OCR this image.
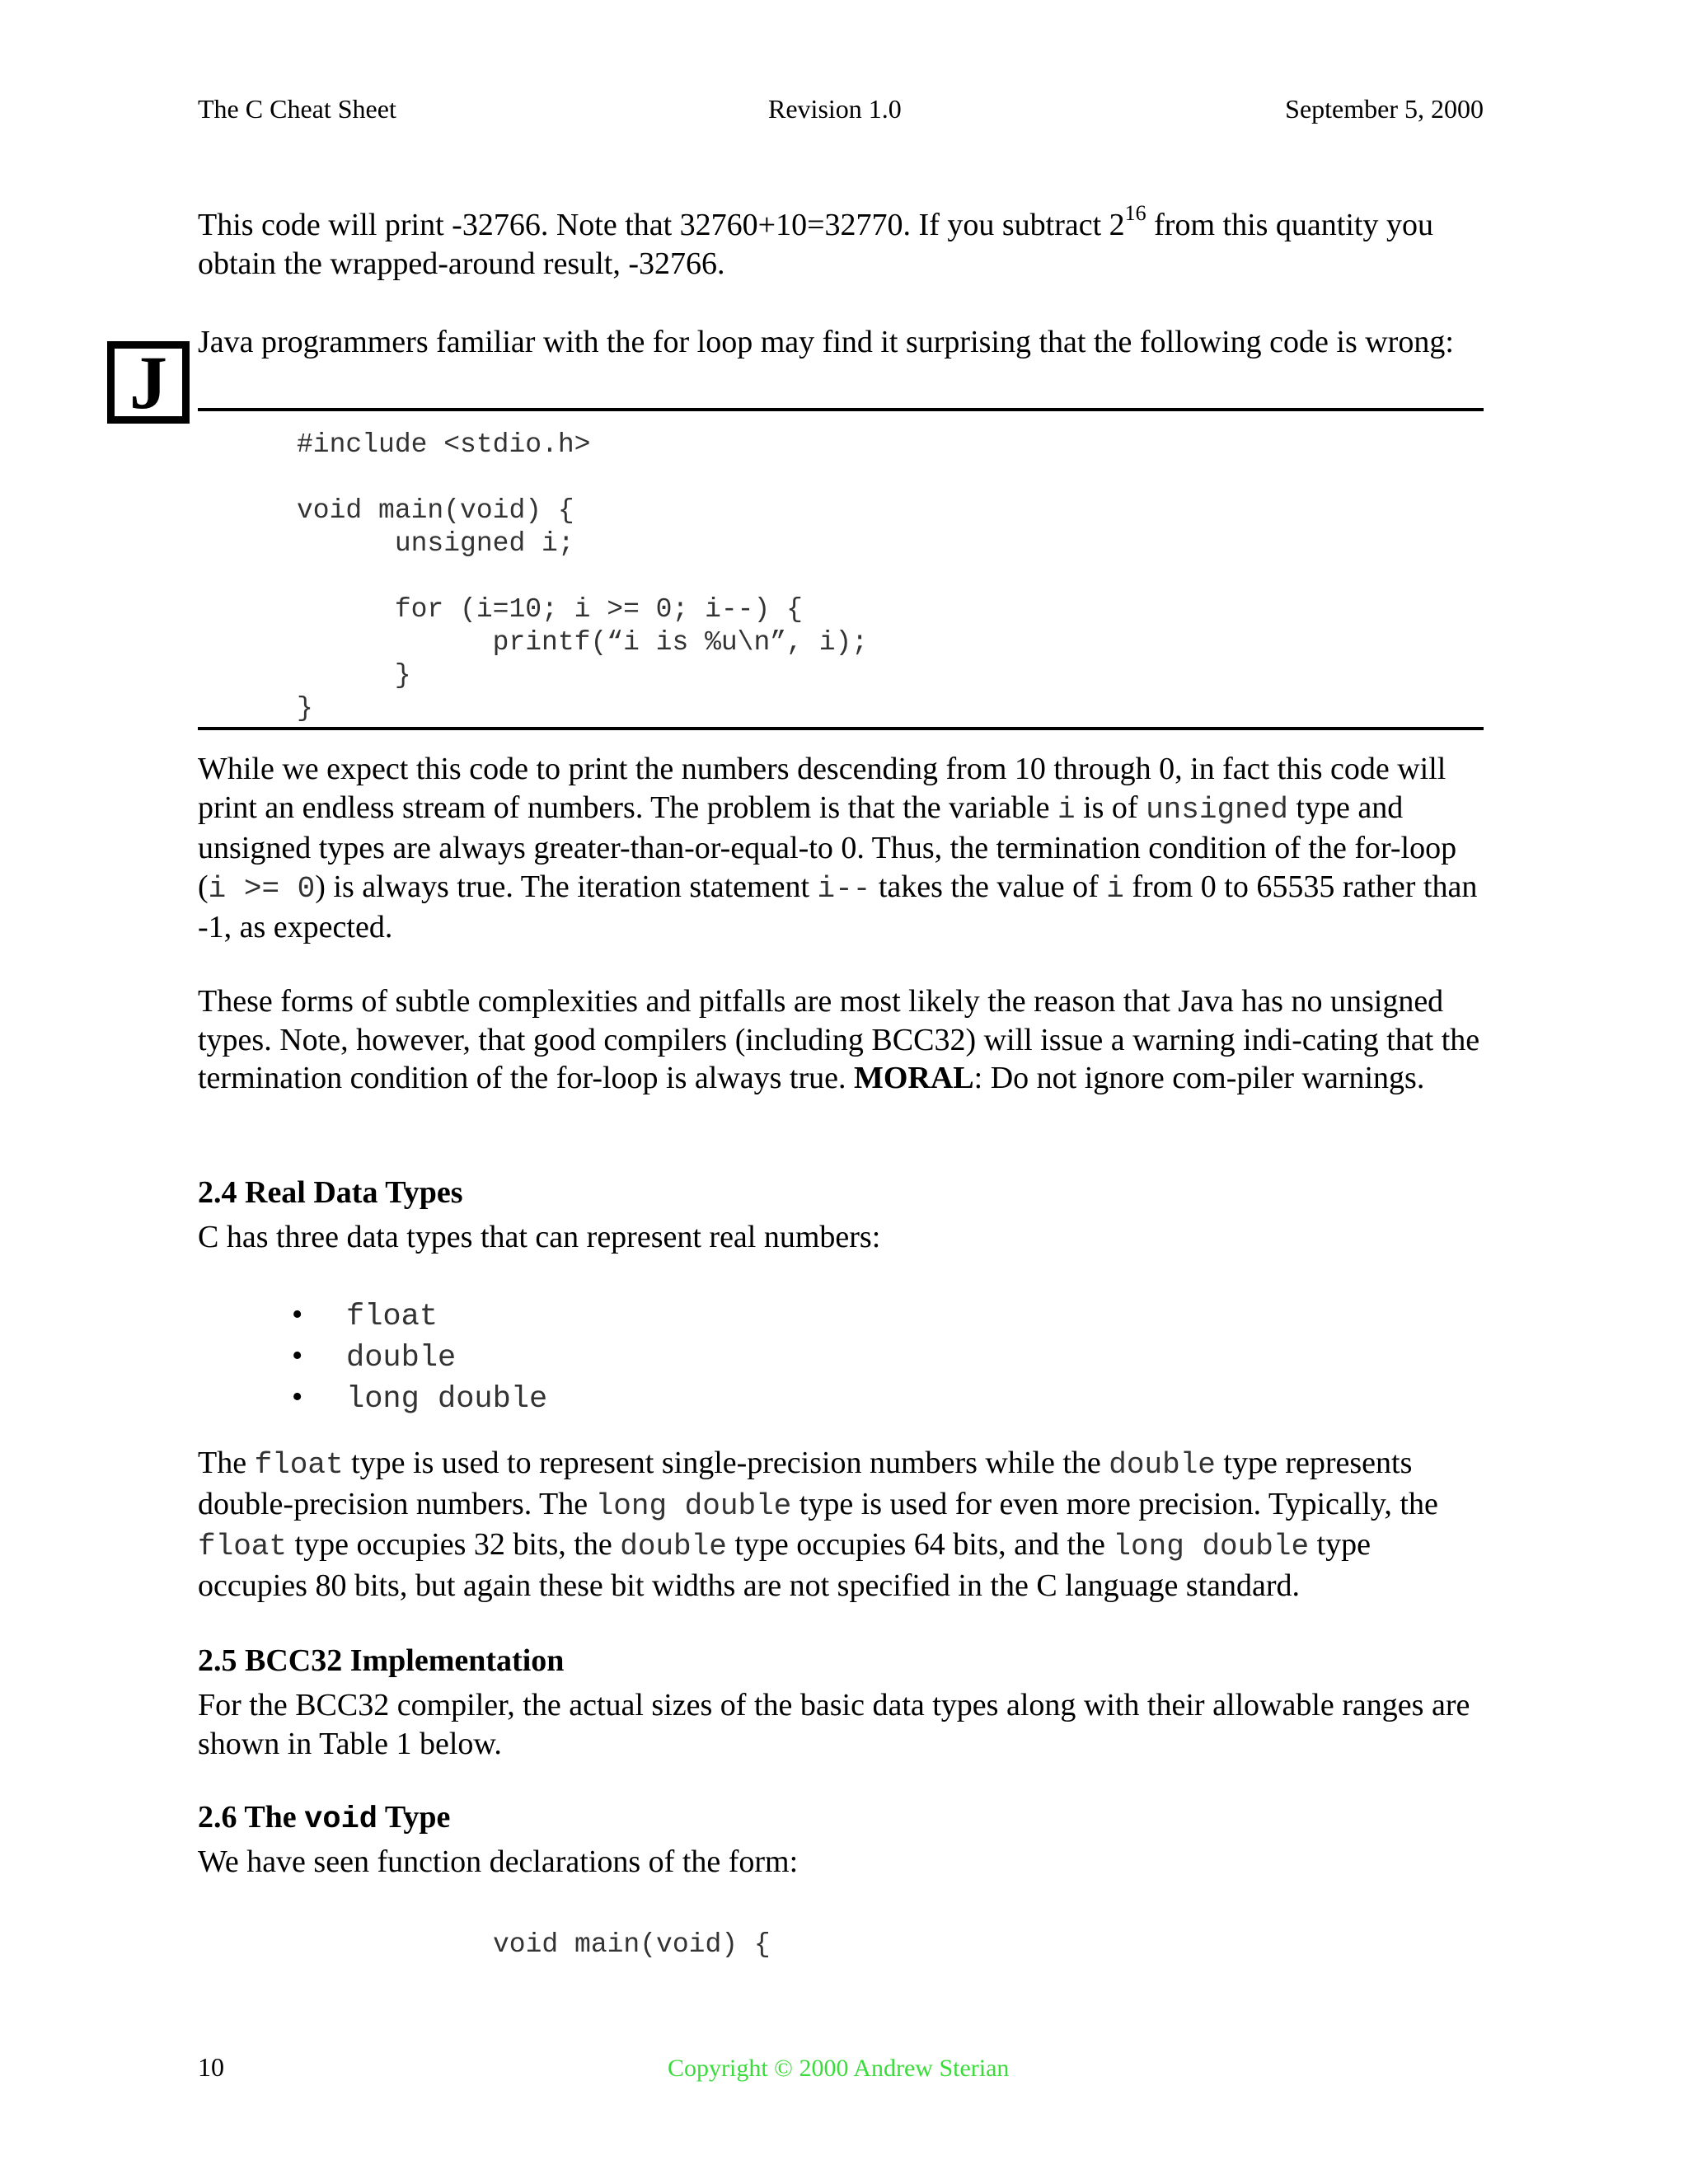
The C Cheat Sheet	Revision 1.0	September 5, 2000
This code will print -32766. Note that 32760+10=32770. If you subtract $2^{16}$ from this quantity you obtain the wrapped-around result, -32766.
J Java programmers familiar with the for loop may find it surprising that the following code is wrong:
#include <stdio.h>

void main(void) {
unsigned i;

for (i=10; i >= 0; i--) {
printf(“i is %u\n”, i);
}
}
While we expect this code to print the numbers descending from 10 through 0, in fact this code will print an endless stream of numbers. The problem is that the variable i is of unsigned type and unsigned types are always greater-than-or-equal-to 0. Thus, the termination condition of the for-loop (i >= 0) is always true. The iteration statement i-- takes the value of i from 0 to 65535 rather than -1, as expected.
These forms of subtle complexities and pitfalls are most likely the reason that Java has no unsigned types. Note, however, that good compilers (including BCC32) will issue a warning indi-cating that the termination condition of the for-loop is always true. MORAL: Do not ignore com-piler warnings.
2.4 Real Data Types
C has three data types that can represent real numbers:
• float
• double
• long double
The float type is used to represent single-precision numbers while the double type represents double-precision numbers. The long double type is used for even more precision. Typically, the float type occupies 32 bits, the double type occupies 64 bits, and the long double type occupies 80 bits, but again these bit widths are not specified in the C language standard.
2.5 BCC32 Implementation
For the BCC32 compiler, the actual sizes of the basic data types along with their allowable ranges are shown in Table 1 below.
2.6 The void Type
We have seen function declarations of the form:
void main(void) {
10	Copyright © 2000 Andrew Sterian
